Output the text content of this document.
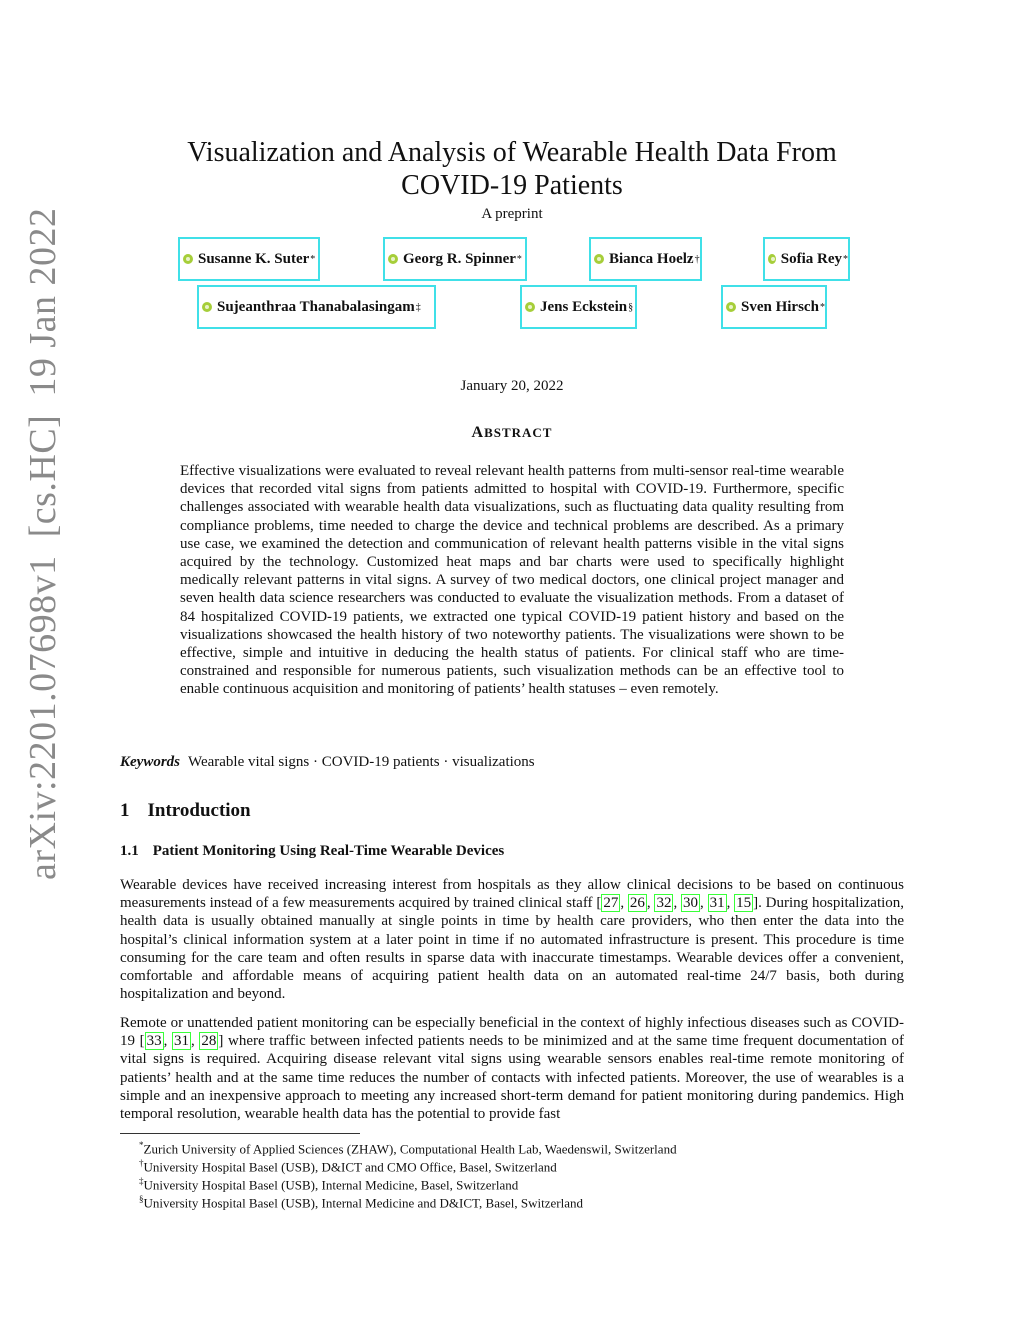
arXiv:2201.07698v1[cs.HC]19 Jan 2022
Visualization and Analysis of Wearable Health Data From
COVID-19 Patients
A preprint
Susanne K. Suter *	Georg R. Spinner *	Bianca Hoelz †	Sofia Rey *
Sujeanthraa Thanabalasingam ‡	Jens Eckstein §	Sven Hirsch *
January 20, 2022
ABSTRACT
Effective visualizations were evaluated to reveal relevant health patterns from multi-sensor real-time wearable devices that recorded vital signs from patients admitted to hospital with COVID-19. Furthermore, specific challenges associated with wearable health data visualizations, such as fluctuating data quality resulting from compliance problems, time needed to charge the device and technical problems are described. As a primary use case, we examined the detection and communication of relevant health patterns visible in the vital signs acquired by the technology. Customized heat maps and bar charts were used to specifically highlight medically relevant patterns in vital signs. A survey of two medical doctors, one clinical project manager and seven health data science researchers was conducted to evaluate the visualization methods. From a dataset of 84 hospitalized COVID-19 patients, we extracted one typical COVID-19 patient history and based on the visualizations showcased the health history of two noteworthy patients. The visualizations were shown to be effective, simple and intuitive in deducing the health status of patients. For clinical staff who are time-constrained and responsible for numerous patients, such visualization methods can be an effective tool to enable continuous acquisition and monitoring of patients’ health statuses – even remotely.
Keywords Wearable vital signs · COVID-19 patients · visualizations
1 Introduction
1.1 Patient Monitoring Using Real-Time Wearable Devices
Wearable devices have received increasing interest from hospitals as they allow clinical decisions to be based on continuous measurements instead of a few measurements acquired by trained clinical staff [ 27 , 26 , 32 , 30 , 31 , 15 ]. During hospitalization, health data is usually obtained manually at single points in time by health care providers, who then enter the data into the hospital’s clinical information system at a later point in time if no automated infrastructure is present. This procedure is time consuming for the care team and often results in sparse data with inaccurate timestamps. Wearable devices offer a convenient, comfortable and affordable means of acquiring patient health data on an automated real-time 24/7 basis, both during hospitalization and beyond.
Remote or unattended patient monitoring can be especially beneficial in the context of highly infectious diseases such as COVID-19 [ 33 , 31 , 28 ] where traffic between infected patients needs to be minimized and at the same time frequent documentation of vital signs is required. Acquiring disease relevant vital signs using wearable sensors enables real-time remote monitoring of patients’ health and at the same time reduces the number of contacts with infected patients. Moreover, the use of wearables is a simple and an inexpensive approach to meeting any increased short-term demand for patient monitoring during pandemics. High temporal resolution, wearable health data has the potential to provide fast
*Zurich University of Applied Sciences (ZHAW), Computational Health Lab, Waedenswil, Switzerland
†University Hospital Basel (USB), D&ICT and CMO Office, Basel, Switzerland
‡University Hospital Basel (USB), Internal Medicine, Basel, Switzerland
§University Hospital Basel (USB), Internal Medicine and D&ICT, Basel, Switzerland
